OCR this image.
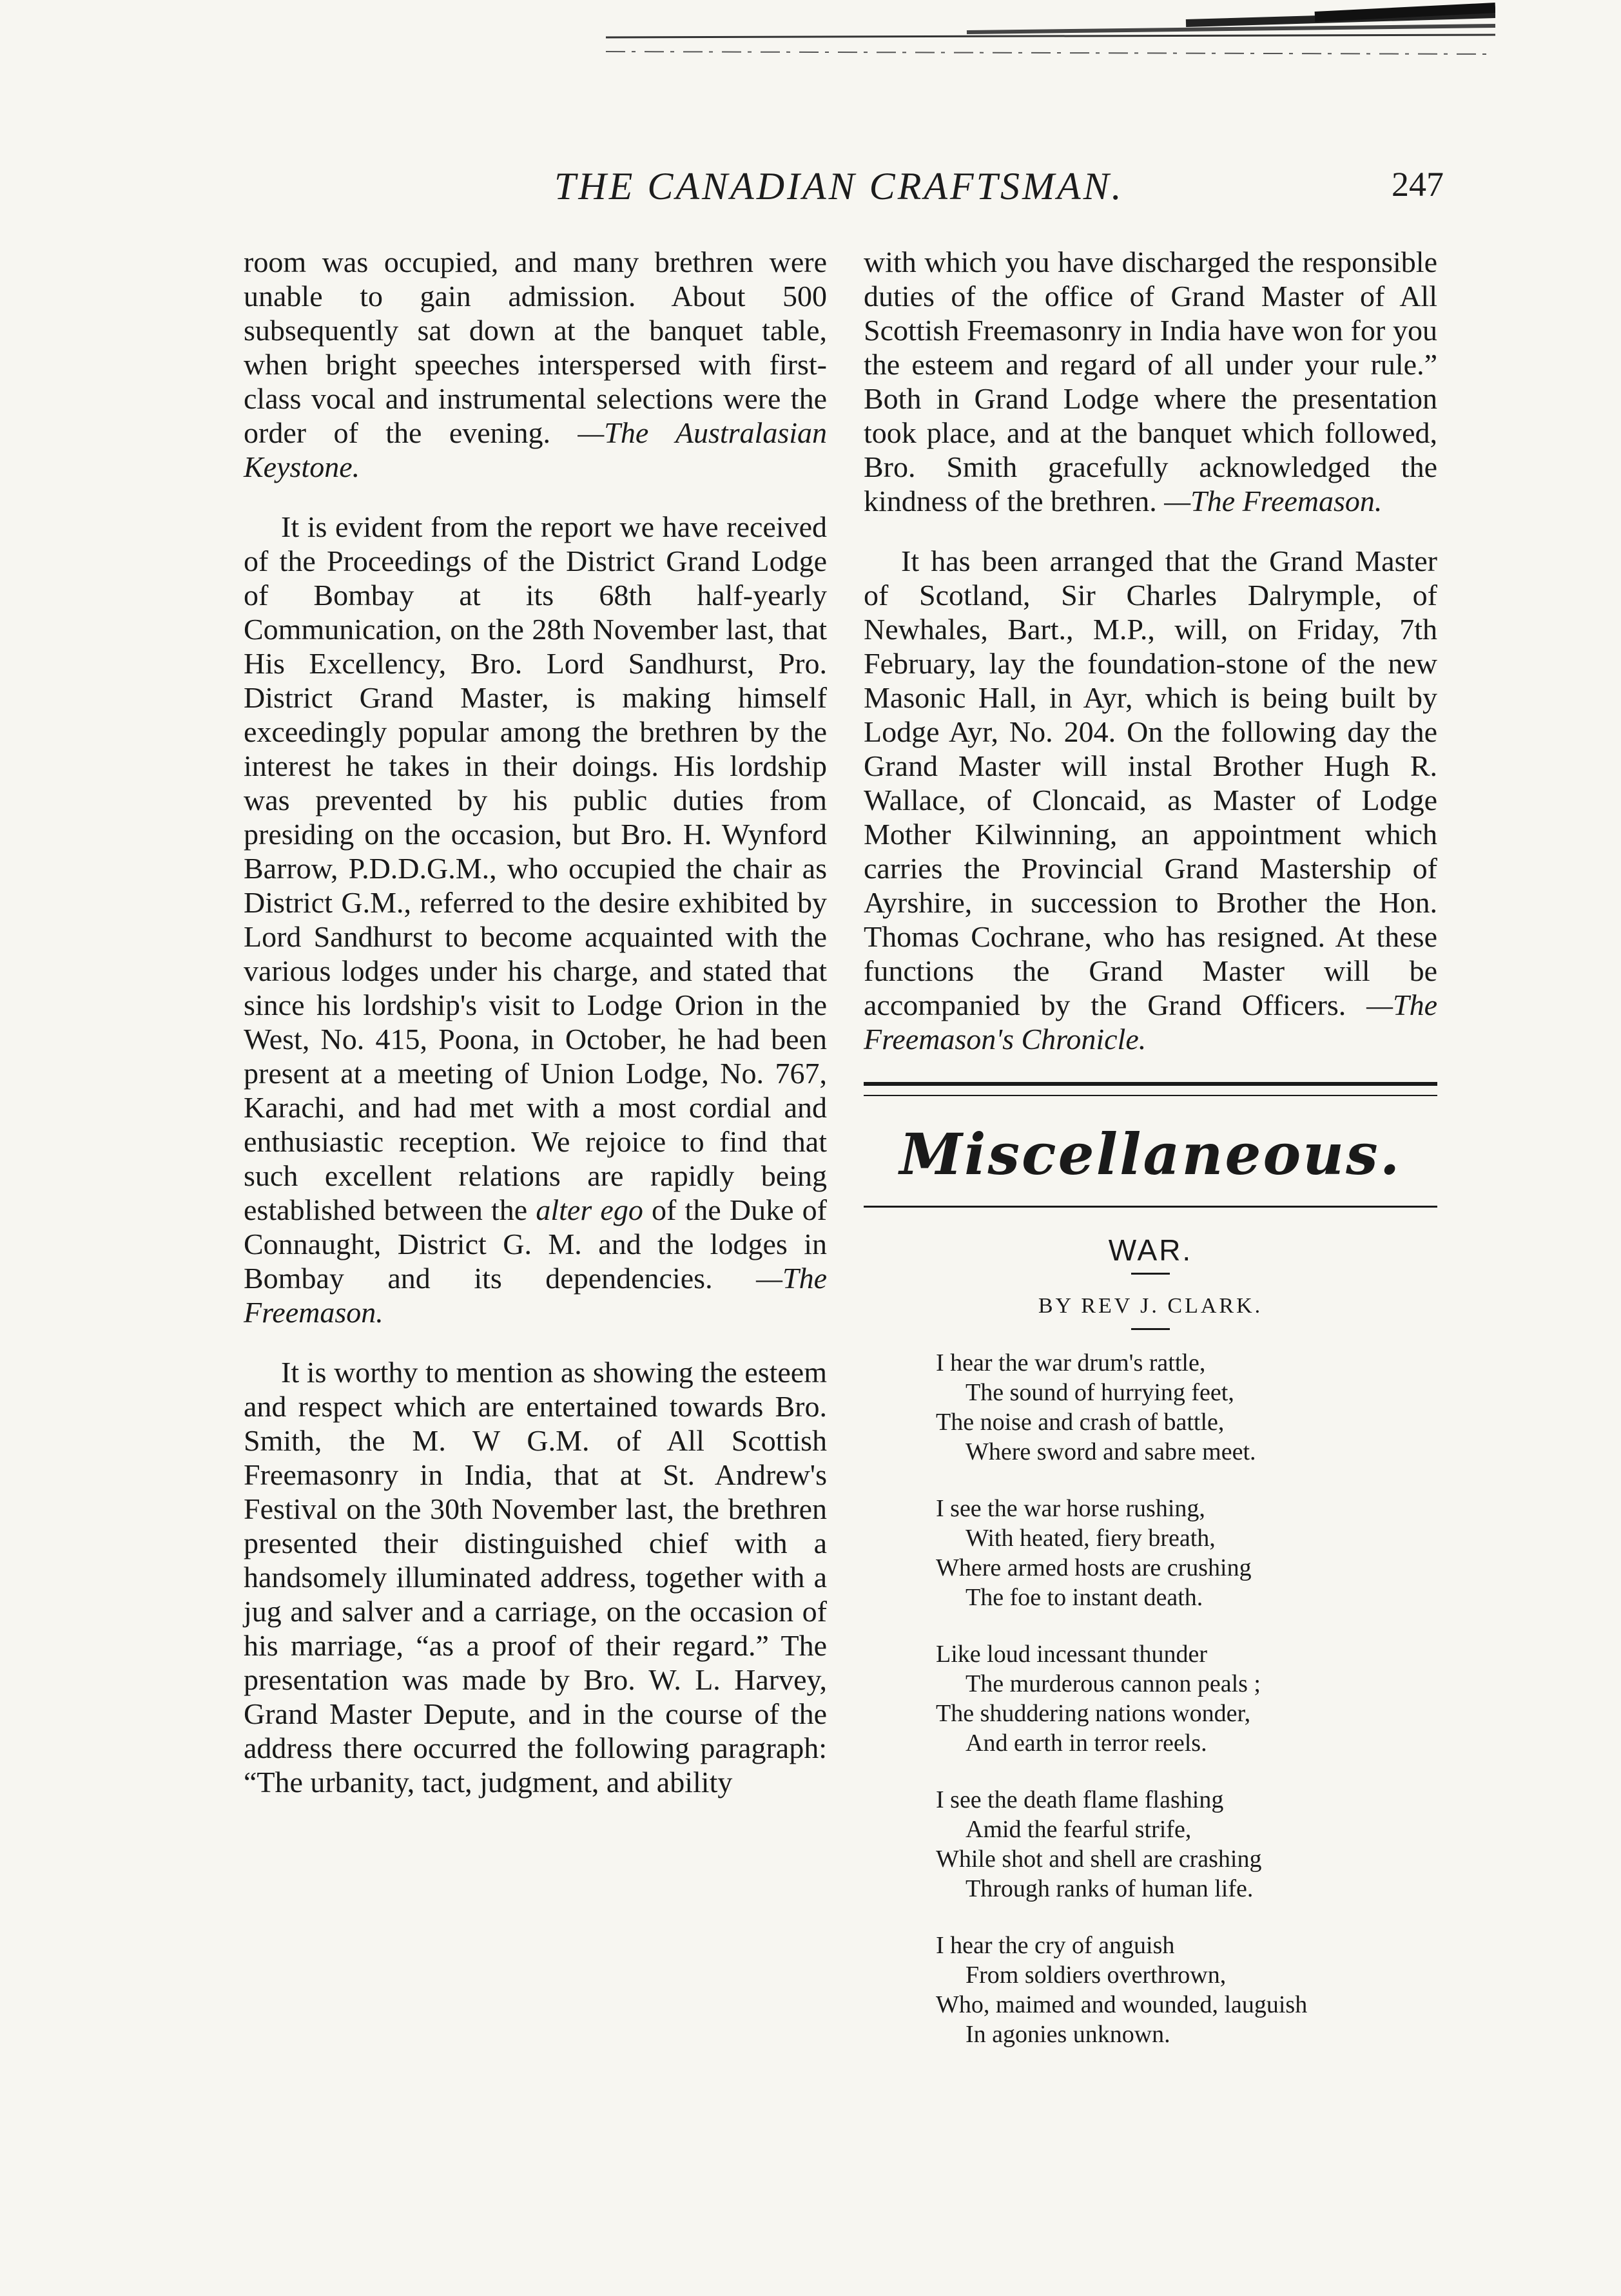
THE CANADIAN CRAFTSMAN.	247

room was occupied, and many brethren were unable to gain admission. About 500 subsequently sat down at the banquet table, when bright speeches interspersed with first-class vocal and instrumental selections were the order of the evening. —The Australasian Keystone.

It is evident from the report we have received of the Proceedings of the District Grand Lodge of Bombay at its 68th half-yearly Communication, on the 28th November last, that His Excellency, Bro. Lord Sandhurst, Pro. District Grand Master, is making himself exceedingly popular among the brethren by the interest he takes in their doings. His lordship was prevented by his public duties from presiding on the occasion, but Bro. H. Wynford Barrow, P.D.D.G.M., who occupied the chair as District G.M., referred to the desire exhibited by Lord Sandhurst to become acquainted with the various lodges under his charge, and stated that since his lordship's visit to Lodge Orion in the West, No. 415, Poona, in October, he had been present at a meeting of Union Lodge, No. 767, Karachi, and had met with a most cordial and enthusiastic reception. We rejoice to find that such excellent relations are rapidly being established between the alter ego of the Duke of Connaught, District G. M. and the lodges in Bombay and its dependencies. —The Freemason.

It is worthy to mention as showing the esteem and respect which are entertained towards Bro. Smith, the M. W G.M. of All Scottish Freemasonry in India, that at St. Andrew's Festival on the 30th November last, the brethren presented their distinguished chief with a handsomely illuminated address, together with a jug and salver and a carriage, on the occasion of his marriage, “as a proof of their regard.” The presentation was made by Bro. W. L. Harvey, Grand Master Depute, and in the course of the address there occurred the following paragraph: “The urbanity, tact, judgment, and ability

with which you have discharged the responsible duties of the office of Grand Master of All Scottish Freemasonry in India have won for you the esteem and regard of all under your rule.” Both in Grand Lodge where the presentation took place, and at the banquet which followed, Bro. Smith gracefully acknowledged the kindness of the brethren. —The Freemason.

It has been arranged that the Grand Master of Scotland, Sir Charles Dalrymple, of Newhales, Bart., M.P., will, on Friday, 7th February, lay the foundation-stone of the new Masonic Hall, in Ayr, which is being built by Lodge Ayr, No. 204. On the following day the Grand Master will instal Brother Hugh R. Wallace, of Cloncaid, as Master of Lodge Mother Kilwinning, an appointment which carries the Provincial Grand Mastership of Ayrshire, in succession to Brother the Hon. Thomas Cochrane, who has resigned. At these functions the Grand Master will be accompanied by the Grand Officers. —The Freemason's Chronicle.

Miscellaneous.
WAR.
BY REV J. CLARK.
I hear the war drum's rattle,
The sound of hurrying feet,
The noise and crash of battle,
Where sword and sabre meet.
I see the war horse rushing,
With heated, fiery breath,
Where armed hosts are crushing
The foe to instant death.
Like loud incessant thunder
The murderous cannon peals ;
The shuddering nations wonder,
And earth in terror reels.
I see the death flame flashing
Amid the fearful strife,
While shot and shell are crashing
Through ranks of human life.
I hear the cry of anguish
From soldiers overthrown,
Who, maimed and wounded, lauguish
In agonies unknown.
